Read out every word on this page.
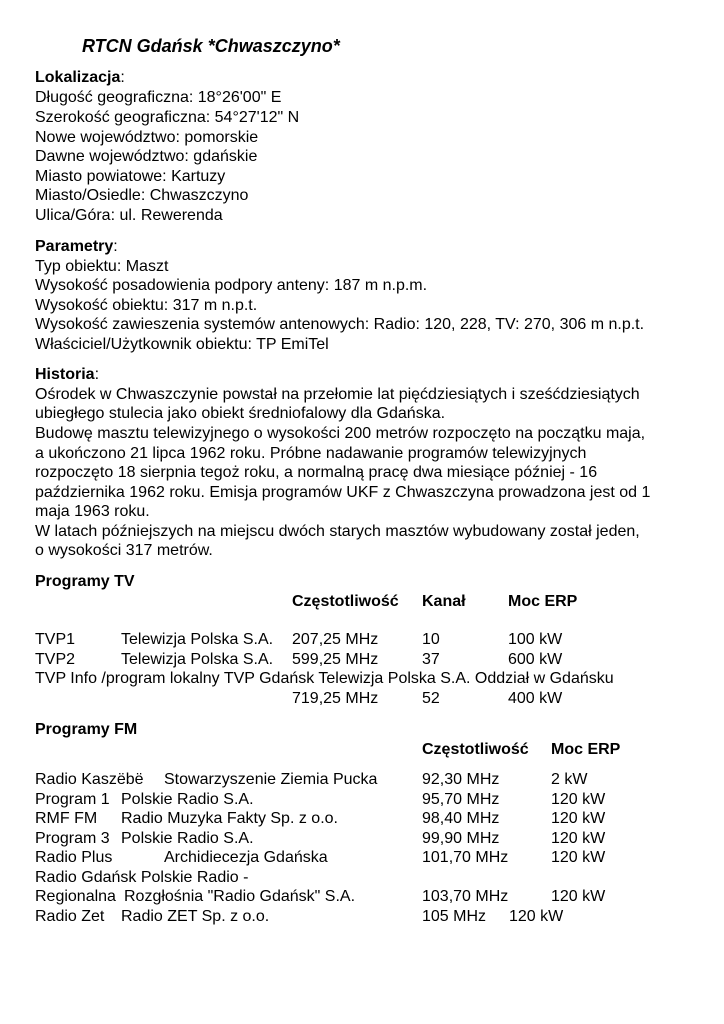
RTCN Gdańsk *Chwaszczyno*
Lokalizacja:
Długość geograficzna: 18°26'00" E
Szerokość geograficzna: 54°27'12" N
Nowe województwo: pomorskie
Dawne województwo: gdańskie
Miasto powiatowe: Kartuzy
Miasto/Osiedle: Chwaszczyno
Ulica/Góra: ul. Rewerenda
Parametry:
Typ obiektu: Maszt
Wysokość posadowienia podpory anteny: 187 m n.p.m.
Wysokość obiektu: 317 m n.p.t.
Wysokość zawieszenia systemów antenowych: Radio: 120, 228, TV: 270, 306 m n.p.t.
Właściciel/Użytkownik obiektu: TP EmiTel
Historia:
Ośrodek w Chwaszczynie powstał na przełomie lat pięćdziesiątych i sześćdziesiątych
ubiegłego stulecia jako obiekt średniofalowy dla Gdańska.
Budowę masztu telewizyjnego o wysokości 200 metrów rozpoczęto na początku maja,
a ukończono 21 lipca 1962 roku. Próbne nadawanie programów telewizyjnych
rozpoczęto 18 sierpnia tegoż roku, a normalną pracę dwa miesiące później - 16
października 1962 roku. Emisja programów UKF z Chwaszczyna prowadzona jest od 1
maja 1963 roku.
W latach późniejszych na miejscu dwóch starych masztów wybudowany został jeden,
o wysokości 317 metrów.
Programy TV
Częstotliwość Kanał	Moc ERP
TVP1	Telewizja Polska S.A. 207,25 MHz	10	100 kW
TVP2	Telewizja Polska S.A. 599,25 MHz	37	600 kW
TVP Info /program lokalny TVP Gdańsk Telewizja Polska S.A. Oddział w Gdańsku
719,25 MHz	52	400 kW
Programy FM
Częstotliwość Moc ERP
Radio Kaszëbë Stowarzyszenie Ziemia Pucka	92,30 MHz	2 kW
Program 1 Polskie Radio S.A.	95,70 MHz	120 kW
RMF FM Radio Muzyka Fakty Sp. z o.o.	98,40 MHz	120 kW
Program 3 Polskie Radio S.A.	99,90 MHz	120 kW
Radio Plus	Archidiecezja Gdańska	101,70 MHz	120 kW
Radio Gdańsk Polskie Radio -
Regionalna Rozgłośnia "Radio Gdańsk" S.A.	103,70 MHz	120 kW
Radio Zet Radio ZET Sp. z o.o.	105 MHz 120 kW
